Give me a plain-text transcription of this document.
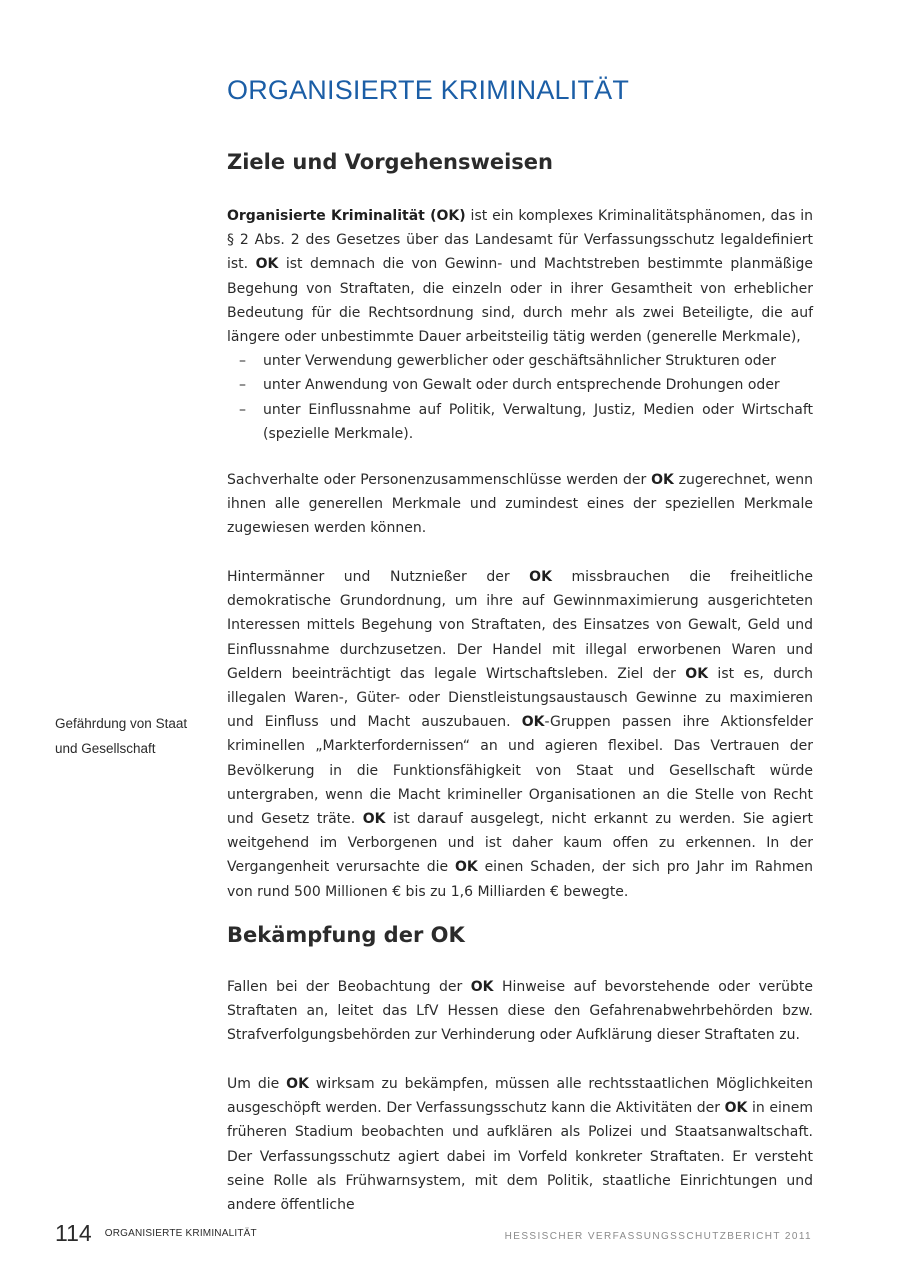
ORGANISIERTE KRIMINALITÄT
Ziele und Vorgehensweisen

Organisierte Kriminalität (OK) ist ein komplexes Kriminalitätsphänomen, das in § 2 Abs. 2 des Gesetzes über das Landesamt für Verfassungsschutz legaldefiniert ist. OK ist demnach die von Gewinn- und Machtstreben bestimmte planmäßige Begehung von Straftaten, die einzeln oder in ihrer Gesamtheit von erheblicher Bedeutung für die Rechtsordnung sind, durch mehr als zwei Beteiligte, die auf längere oder unbestimmte Dauer arbeitsteilig tätig werden (generelle Merkmale),

– unter Verwendung gewerblicher oder geschäftsähnlicher Strukturen oder
– unter Anwendung von Gewalt oder durch entsprechende Drohungen oder
– unter Einflussnahme auf Politik, Verwaltung, Justiz, Medien oder Wirtschaft (spezielle Merkmale).

Sachverhalte oder Personenzusammenschlüsse werden der OK zugerechnet, wenn ihnen alle generellen Merkmale und zumindest eines der speziellen Merkmale zugewiesen werden können.

Hintermänner und Nutznießer der OK missbrauchen die freiheitliche demokratische Grundordnung, um ihre auf Gewinnmaximierung ausgerichteten Interessen mittels Begehung von Straftaten, des Einsatzes von Gewalt, Geld und Einflussnahme durchzusetzen. Der Handel mit illegal erworbenen Waren und Geldern beeinträchtigt das legale Wirtschaftsleben. Ziel der OK ist es, durch illegalen Waren-, Güter- oder Dienstleistungsaustausch Gewinne zu maximieren und Einfluss und Macht auszubauen. OK-Gruppen passen ihre Aktionsfelder kriminellen „Markterfordernissen“ an und agieren flexibel. Das Vertrauen der Bevölkerung in die Funktionsfähigkeit von Staat und Gesellschaft würde untergraben, wenn die Macht krimineller Organisationen an die Stelle von Recht und Gesetz träte. OK ist darauf ausgelegt, nicht erkannt zu werden. Sie agiert weitgehend im Verborgenen und ist daher kaum offen zu erkennen. In der Vergangenheit verursachte die OK einen Schaden, der sich pro Jahr im Rahmen von rund 500 Millionen € bis zu 1,6 Milliarden € bewegte.

Gefährdung von Staat
und Gesellschaft
Bekämpfung der OK

Fallen bei der Beobachtung der OK Hinweise auf bevorstehende oder verübte Straftaten an, leitet das LfV Hessen diese den Gefahrenabwehrbehörden bzw. Strafverfolgungsbehörden zur Verhinderung oder Aufklärung dieser Straftaten zu.

Um die OK wirksam zu bekämpfen, müssen alle rechtsstaatlichen Möglichkeiten ausgeschöpft werden. Der Verfassungsschutz kann die Aktivitäten der OK in einem früheren Stadium beobachten und aufklären als Polizei und Staatsanwaltschaft. Der Verfassungsschutz agiert dabei im Vorfeld konkreter Straftaten. Er versteht seine Rolle als Frühwarnsystem, mit dem Politik, staatliche Einrichtungen und andere öffentliche

114 ORGANISIERTE KRIMINALITÄT	HESSISCHER VERFASSUNGSSCHUTZBERICHT 2011
